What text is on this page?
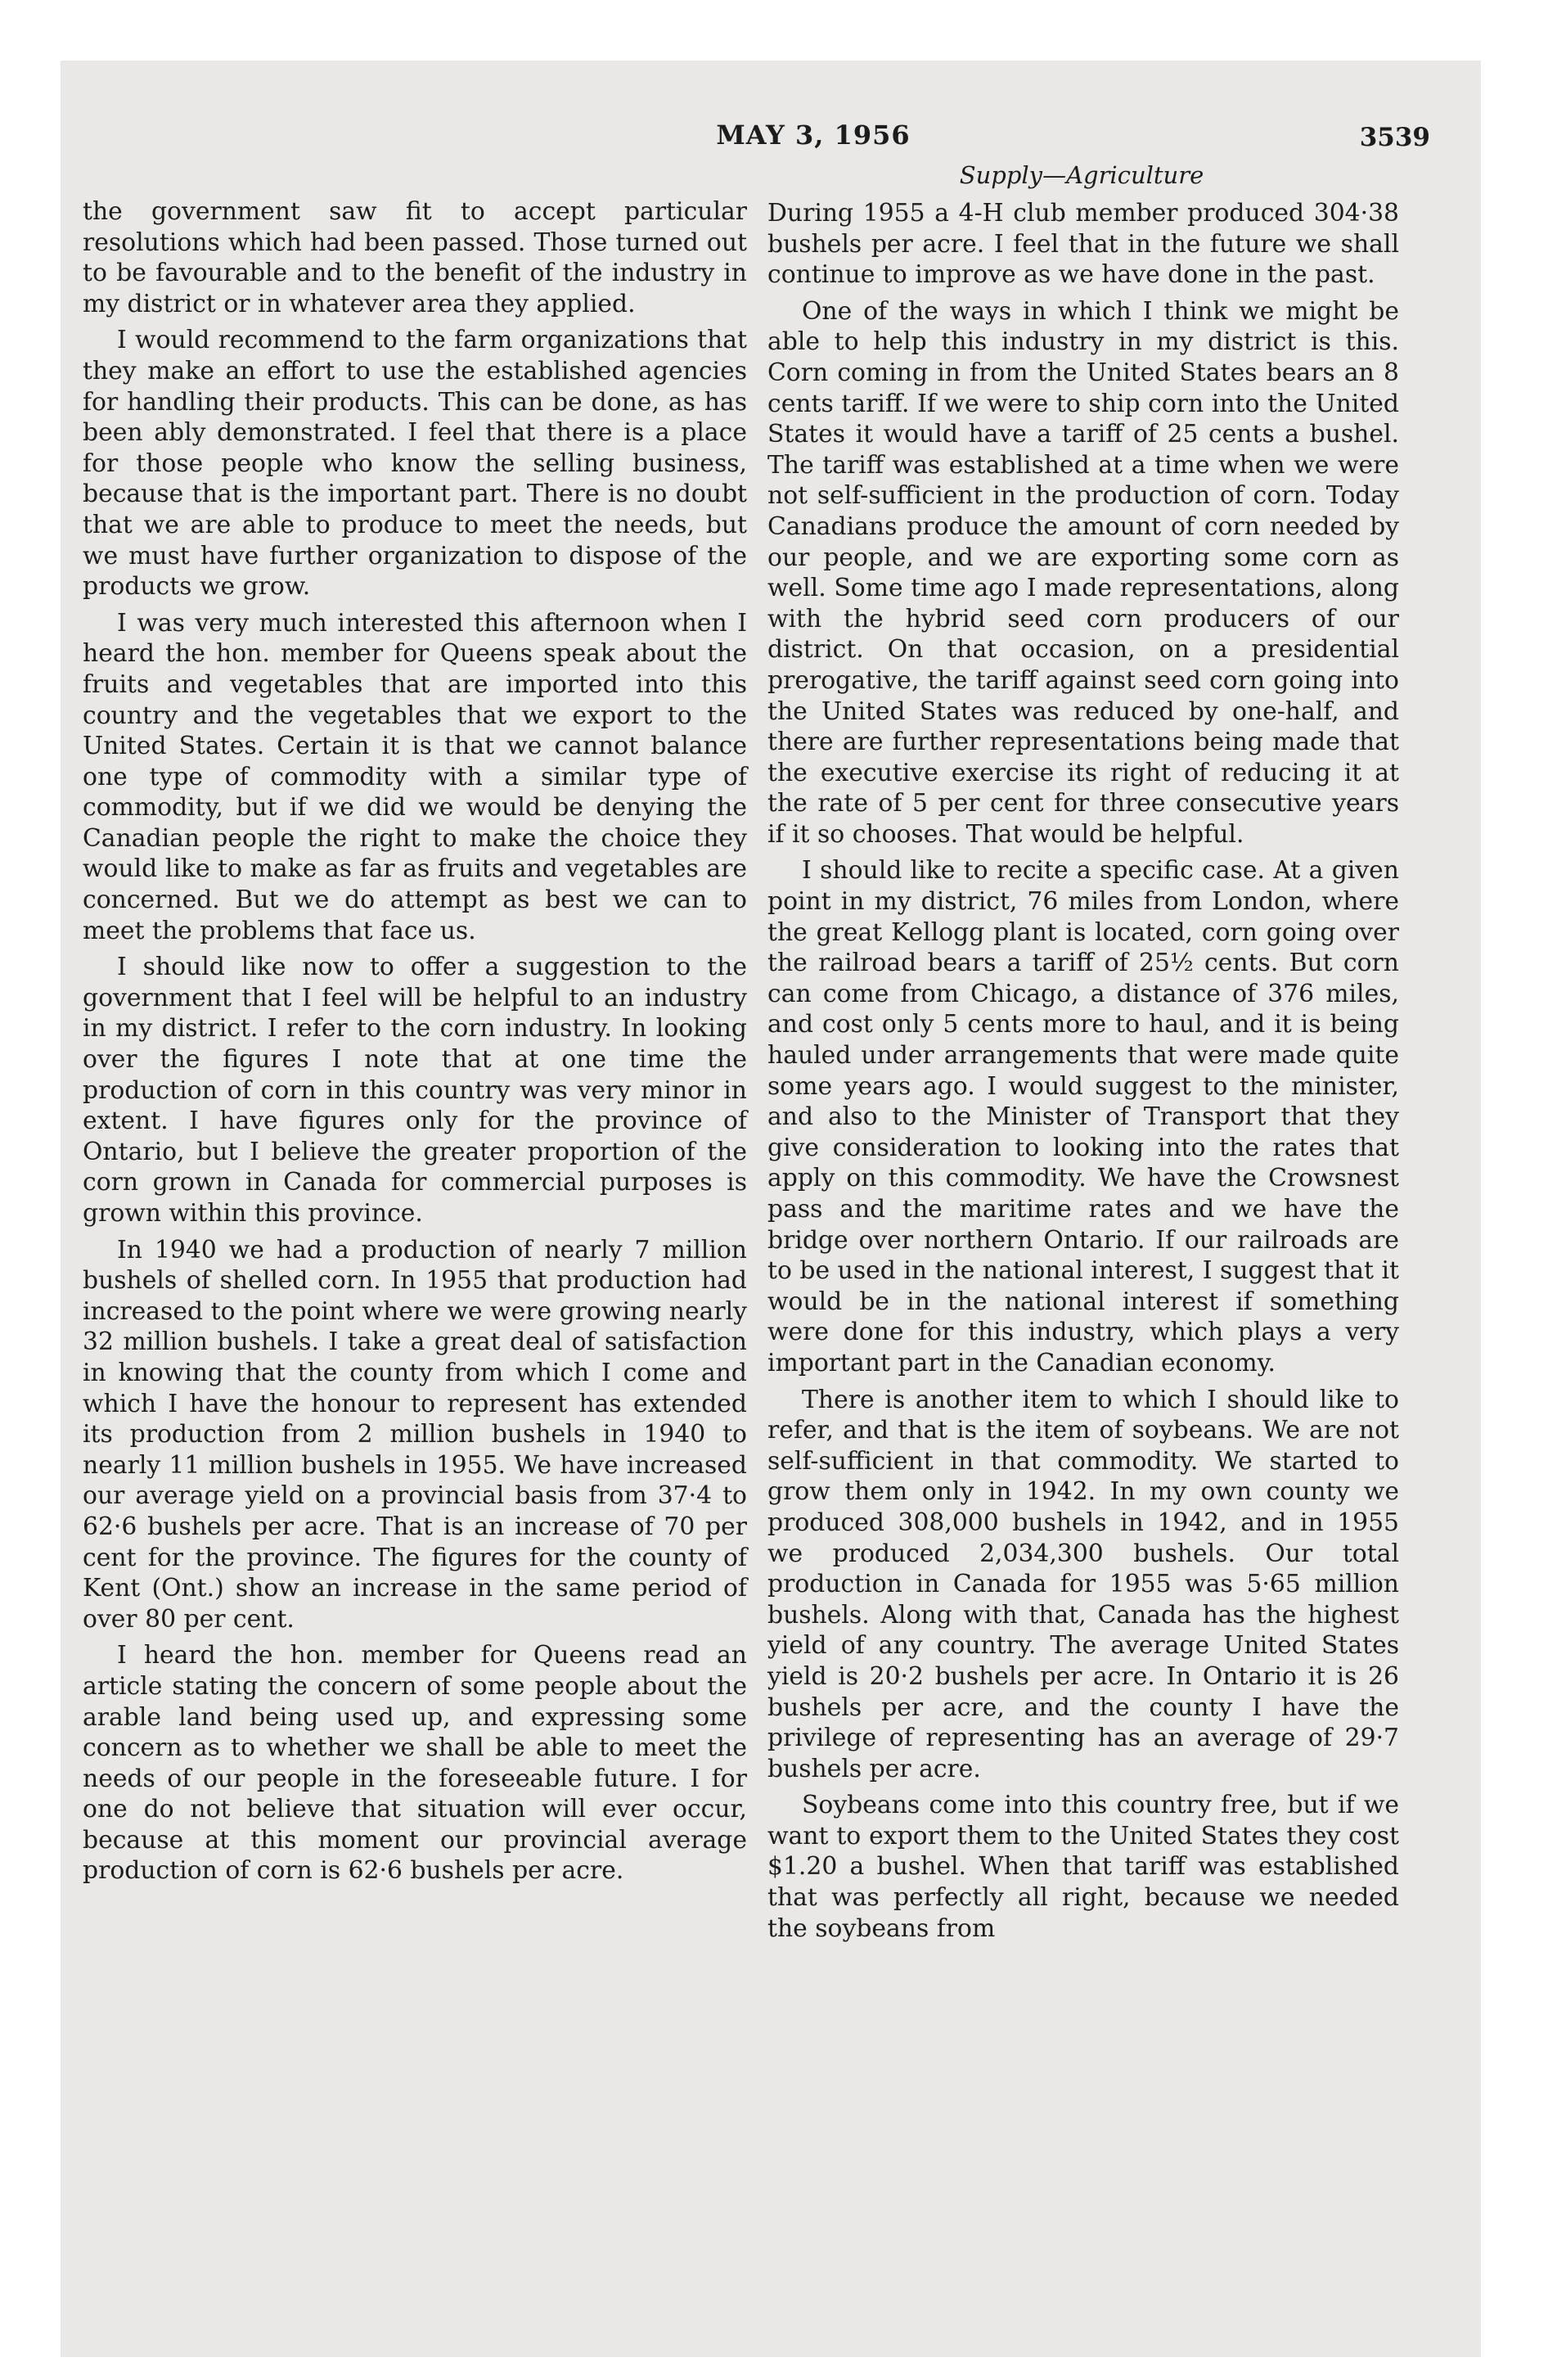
MAY 3, 1956	3539
Supply—Agriculture

the government saw fit to accept particular resolutions which had been passed. Those turned out to be favourable and to the benefit of the industry in my district or in whatever area they applied.

I would recommend to the farm organizations that they make an effort to use the established agencies for handling their products. This can be done, as has been ably demonstrated. I feel that there is a place for those people who know the selling business, because that is the important part. There is no doubt that we are able to produce to meet the needs, but we must have further organization to dispose of the products we grow.

I was very much interested this afternoon when I heard the hon. member for Queens speak about the fruits and vegetables that are imported into this country and the vegetables that we export to the United States. Certain it is that we cannot balance one type of commodity with a similar type of commodity, but if we did we would be denying the Canadian people the right to make the choice they would like to make as far as fruits and vegetables are concerned. But we do attempt as best we can to meet the problems that face us.

I should like now to offer a suggestion to the government that I feel will be helpful to an industry in my district. I refer to the corn industry. In looking over the figures I note that at one time the production of corn in this country was very minor in extent. I have figures only for the province of Ontario, but I believe the greater proportion of the corn grown in Canada for commercial purposes is grown within this province.

In 1940 we had a production of nearly 7 million bushels of shelled corn. In 1955 that production had increased to the point where we were growing nearly 32 million bushels. I take a great deal of satisfaction in knowing that the county from which I come and which I have the honour to represent has extended its production from 2 million bushels in 1940 to nearly 11 million bushels in 1955. We have increased our average yield on a provincial basis from 37·4 to 62·6 bushels per acre. That is an increase of 70 per cent for the province. The figures for the county of Kent (Ont.) show an increase in the same period of over 80 per cent.

I heard the hon. member for Queens read an article stating the concern of some people about the arable land being used up, and expressing some concern as to whether we shall be able to meet the needs of our people in the foreseeable future. I for one do not believe that situation will ever occur, because at this moment our provincial average production of corn is 62·6 bushels per acre.

During 1955 a 4-H club member produced 304·38 bushels per acre. I feel that in the future we shall continue to improve as we have done in the past.

One of the ways in which I think we might be able to help this industry in my district is this. Corn coming in from the United States bears an 8 cents tariff. If we were to ship corn into the United States it would have a tariff of 25 cents a bushel. The tariff was established at a time when we were not self-sufficient in the production of corn. Today Canadians produce the amount of corn needed by our people, and we are exporting some corn as well. Some time ago I made representations, along with the hybrid seed corn producers of our district. On that occasion, on a presidential prerogative, the tariff against seed corn going into the United States was reduced by one-half, and there are further representations being made that the executive exercise its right of reducing it at the rate of 5 per cent for three consecutive years if it so chooses. That would be helpful.

I should like to recite a specific case. At a given point in my district, 76 miles from London, where the great Kellogg plant is located, corn going over the railroad bears a tariff of 25½ cents. But corn can come from Chicago, a distance of 376 miles, and cost only 5 cents more to haul, and it is being hauled under arrangements that were made quite some years ago. I would suggest to the minister, and also to the Minister of Transport that they give consideration to looking into the rates that apply on this commodity. We have the Crowsnest pass and the maritime rates and we have the bridge over northern Ontario. If our railroads are to be used in the national interest, I suggest that it would be in the national interest if something were done for this industry, which plays a very important part in the Canadian economy.

There is another item to which I should like to refer, and that is the item of soybeans. We are not self-sufficient in that commodity. We started to grow them only in 1942. In my own county we produced 308,000 bushels in 1942, and in 1955 we produced 2,034,300 bushels. Our total production in Canada for 1955 was 5·65 million bushels. Along with that, Canada has the highest yield of any country. The average United States yield is 20·2 bushels per acre. In Ontario it is 26 bushels per acre, and the county I have the privilege of representing has an average of 29·7 bushels per acre.

Soybeans come into this country free, but if we want to export them to the United States they cost $1.20 a bushel. When that tariff was established that was perfectly all right, because we needed the soybeans from
